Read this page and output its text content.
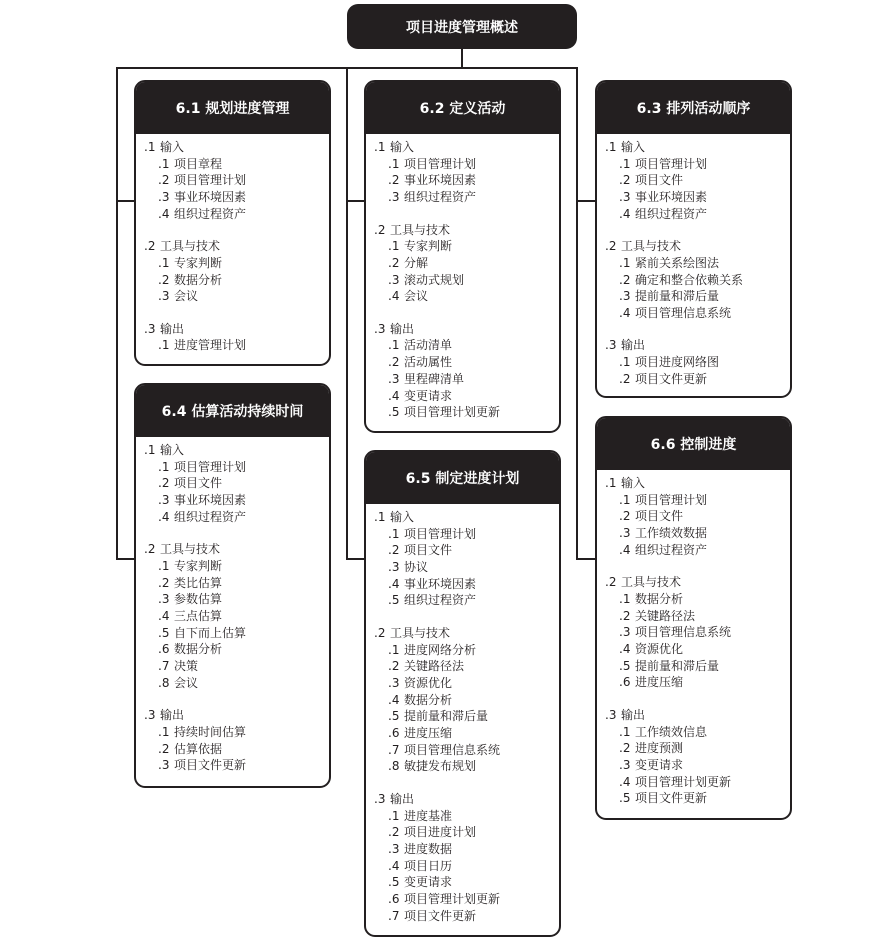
项目进度管理概述
6.1 规划进度管理
.1 输入
.1 项目章程
.2 项目管理计划
.3 事业环境因素
.4 组织过程资产
.2 工具与技术
.1 专家判断
.2 数据分析
.3 会议
.3 输出
.1 进度管理计划
6.2 定义活动
.1 输入
.1 项目管理计划
.2 事业环境因素
.3 组织过程资产
.2 工具与技术
.1 专家判断
.2 分解
.3 滚动式规划
.4 会议
.3 输出
.1 活动清单
.2 活动属性
.3 里程碑清单
.4 变更请求
.5 项目管理计划更新
6.3 排列活动顺序
.1 输入
.1 项目管理计划
.2 项目文件
.3 事业环境因素
.4 组织过程资产
.2 工具与技术
.1 紧前关系绘图法
.2 确定和整合依赖关系
.3 提前量和滞后量
.4 项目管理信息系统
.3 输出
.1 项目进度网络图
.2 项目文件更新
6.4 估算活动持续时间
.1 输入
.1 项目管理计划
.2 项目文件
.3 事业环境因素
.4 组织过程资产
.2 工具与技术
.1 专家判断
.2 类比估算
.3 参数估算
.4 三点估算
.5 自下而上估算
.6 数据分析
.7 决策
.8 会议
.3 输出
.1 持续时间估算
.2 估算依据
.3 项目文件更新
6.5 制定进度计划
.1 输入
.1 项目管理计划
.2 项目文件
.3 协议
.4 事业环境因素
.5 组织过程资产
.2 工具与技术
.1 进度网络分析
.2 关键路径法
.3 资源优化
.4 数据分析
.5 提前量和滞后量
.6 进度压缩
.7 项目管理信息系统
.8 敏捷发布规划
.3 输出
.1 进度基准
.2 项目进度计划
.3 进度数据
.4 项目日历
.5 变更请求
.6 项目管理计划更新
.7 项目文件更新
6.6 控制进度
.1 输入
.1 项目管理计划
.2 项目文件
.3 工作绩效数据
.4 组织过程资产
.2 工具与技术
.1 数据分析
.2 关键路径法
.3 项目管理信息系统
.4 资源优化
.5 提前量和滞后量
.6 进度压缩
.3 输出
.1 工作绩效信息
.2 进度预测
.3 变更请求
.4 项目管理计划更新
.5 项目文件更新
